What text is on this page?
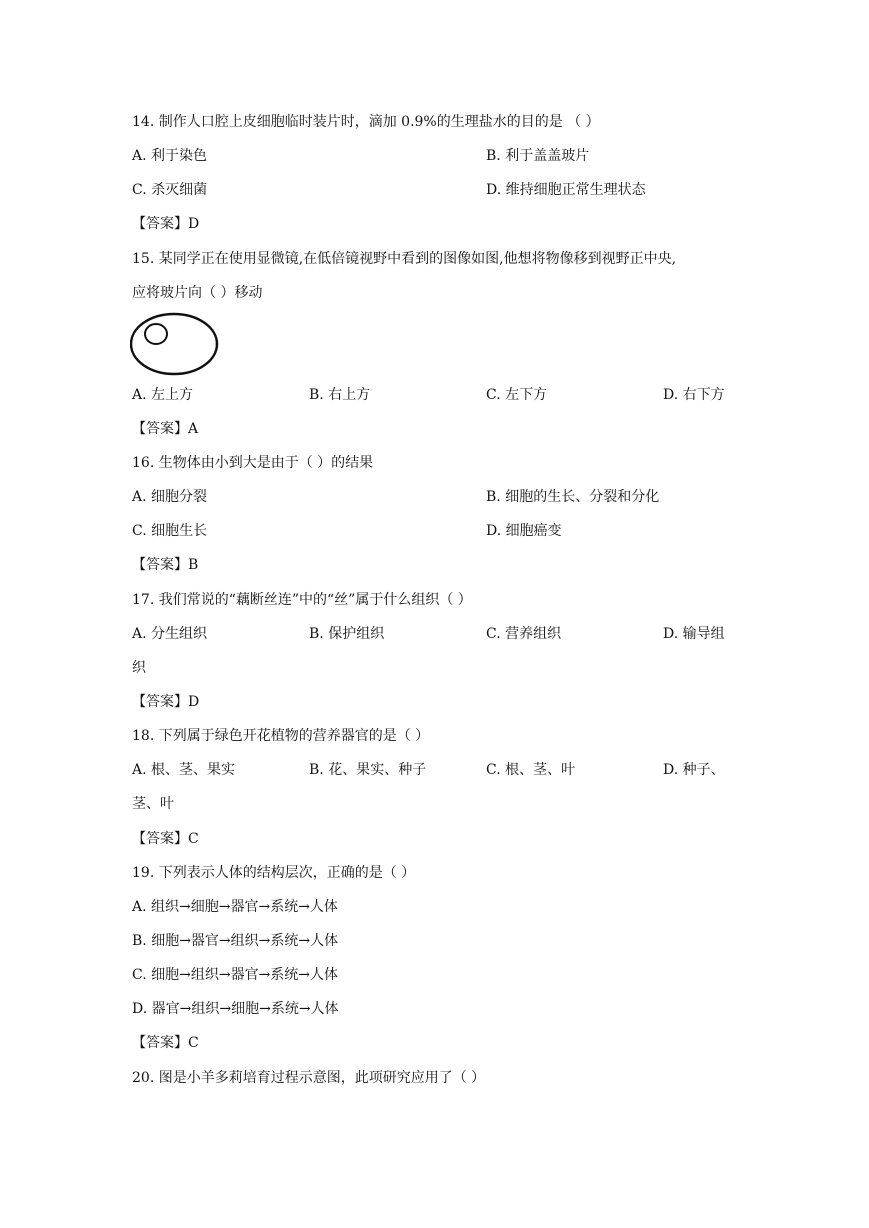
14. 制作人口腔上皮细胞临时装片时，滴加 0.9%的生理盐水的目的是 （ ）
A. 利于染色	B. 利于盖盖玻片
C. 杀灭细菌	D. 维持细胞正常生理状态
【答案】D
15. 某同学正在使用显微镜,在低倍镜视野中看到的图像如图,他想将物像移到视野正中央,
应将玻片向（ ）移动
A. 左上方	B. 右上方	C. 左下方	D. 右下方
【答案】A
16. 生物体由小到大是由于（ ）的结果
A. 细胞分裂	B. 细胞的生长、分裂和分化
C. 细胞生长	D. 细胞癌变
【答案】B
17. 我们常说的“藕断丝连”中的“丝”属于什么组织（ ）
A. 分生组织	B. 保护组织	C. 营养组织	D. 输导组
织
【答案】D
18. 下列属于绿色开花植物的营养器官的是（ ）
A. 根、茎、果实	B. 花、果实、种子	C. 根、茎、叶	D. 种子、
茎、叶
【答案】C
19. 下列表示人体的结构层次，正确的是（ ）
A. 组织→细胞→器官→系统→人体
B. 细胞→器官→组织→系统→人体
C. 细胞→组织→器官→系统→人体
D. 器官→组织→细胞→系统→人体
【答案】C
20. 图是小羊多莉培育过程示意图，此项研究应用了（ ）
